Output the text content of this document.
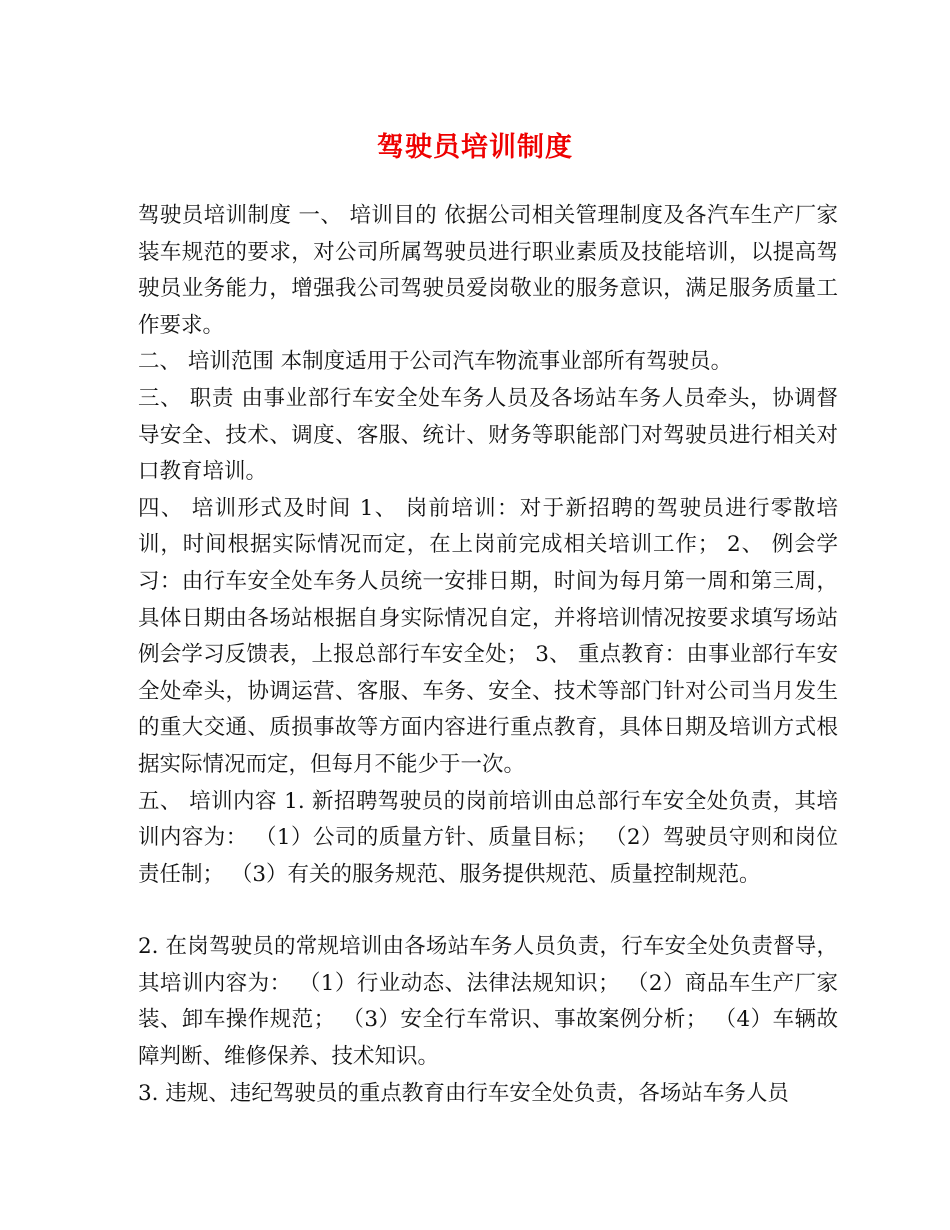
驾驶员培训制度

驾驶员培训制度 一、 培训目的 依据公司相关管理制度及各汽车生产厂家装车规范的要求，对公司所属驾驶员进行职业素质及技能培训，以提高驾驶员业务能力，增强我公司驾驶员爱岗敬业的服务意识，满足服务质量工作要求。

二、 培训范围 本制度适用于公司汽车物流事业部所有驾驶员。

三、 职责 由事业部行车安全处车务人员及各场站车务人员牵头，协调督导安全、技术、调度、客服、统计、财务等职能部门对驾驶员进行相关对口教育培训。

四、 培训形式及时间 1、 岗前培训：对于新招聘的驾驶员进行零散培训，时间根据实际情况而定，在上岗前完成相关培训工作； 2、 例会学习：由行车安全处车务人员统一安排日期，时间为每月第一周和第三周，具体日期由各场站根据自身实际情况自定，并将培训情况按要求填写场站例会学习反馈表，上报总部行车安全处； 3、 重点教育：由事业部行车安全处牵头，协调运营、客服、车务、安全、技术等部门针对公司当月发生的重大交通、质损事故等方面内容进行重点教育，具体日期及培训方式根据实际情况而定，但每月不能少于一次。

五、 培训内容 1. 新招聘驾驶员的岗前培训由总部行车安全处负责，其培训内容为： （1）公司的质量方针、质量目标； （2）驾驶员守则和岗位责任制； （3）有关的服务规范、服务提供规范、质量控制规范。

2. 在岗驾驶员的常规培训由各场站车务人员负责，行车安全处负责督导，其培训内容为： （1）行业动态、法律法规知识； （2）商品车生产厂家装、卸车操作规范； （3）安全行车常识、事故案例分析； （4）车辆故障判断、维修保养、技术知识。

3. 违规、违纪驾驶员的重点教育由行车安全处负责，各场站车务人员
